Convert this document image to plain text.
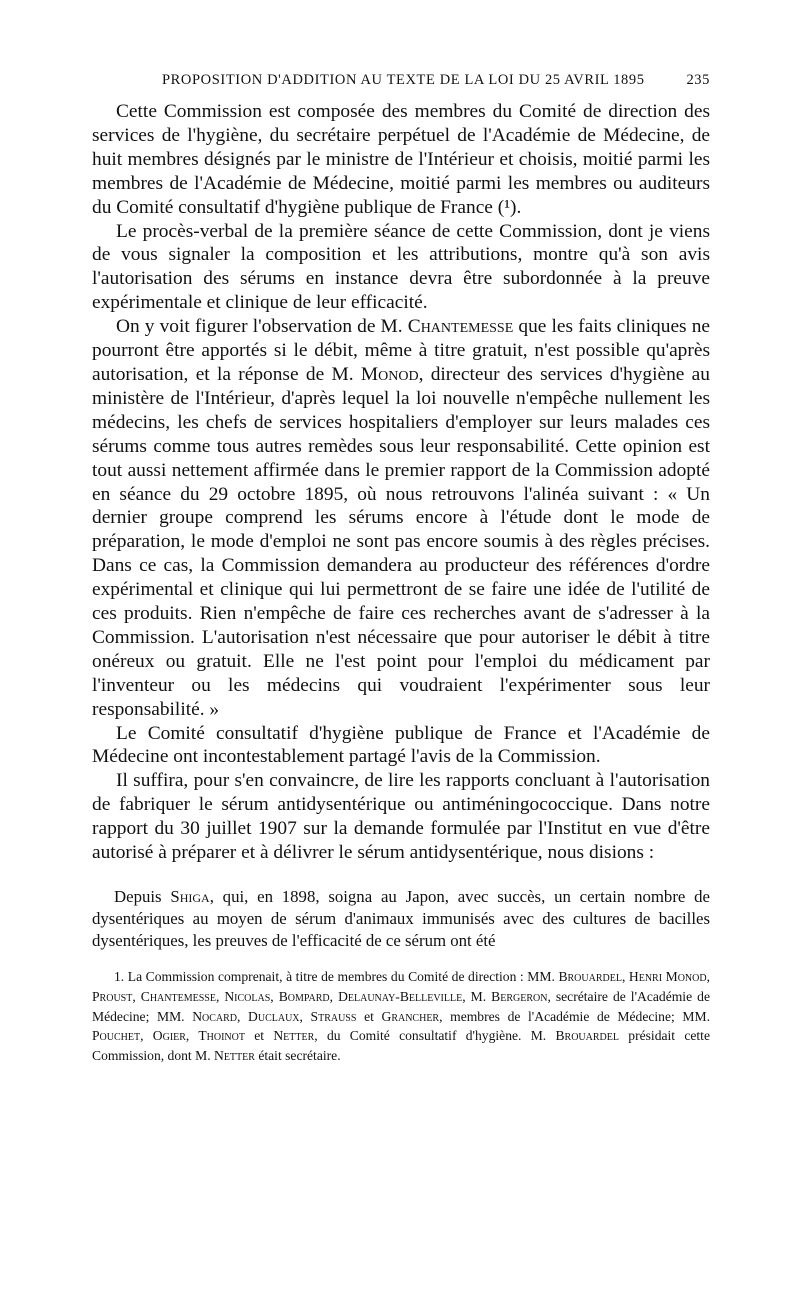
PROPOSITION D'ADDITION AU TEXTE DE LA LOI DU 25 AVRIL 1895	235

Cette Commission est composée des membres du Comité de direction des services de l'hygiène, du secrétaire perpétuel de l'Académie de Médecine, de huit membres désignés par le ministre de l'Intérieur et choisis, moitié parmi les membres de l'Académie de Médecine, moitié parmi les membres ou auditeurs du Comité consultatif d'hygiène publique de France (¹).

Le procès-verbal de la première séance de cette Commission, dont je viens de vous signaler la composition et les attributions, montre qu'à son avis l'autorisation des sérums en instance devra être subordonnée à la preuve expérimentale et clinique de leur efficacité.

On y voit figurer l'observation de M. Chantemesse que les faits cliniques ne pourront être apportés si le débit, même à titre gratuit, n'est possible qu'après autorisation, et la réponse de M. Monod, directeur des services d'hygiène au ministère de l'Intérieur, d'après lequel la loi nouvelle n'empêche nullement les médecins, les chefs de services hospitaliers d'employer sur leurs malades ces sérums comme tous autres remèdes sous leur responsabilité. Cette opinion est tout aussi nettement affirmée dans le premier rapport de la Commission adopté en séance du 29 octobre 1895, où nous retrouvons l'alinéa suivant : « Un dernier groupe comprend les sérums encore à l'étude dont le mode de préparation, le mode d'emploi ne sont pas encore soumis à des règles précises. Dans ce cas, la Commission demandera au producteur des références d'ordre expérimental et clinique qui lui permettront de se faire une idée de l'utilité de ces produits. Rien n'empêche de faire ces recherches avant de s'adresser à la Commission. L'autorisation n'est nécessaire que pour autoriser le débit à titre onéreux ou gratuit. Elle ne l'est point pour l'emploi du médicament par l'inventeur ou les médecins qui voudraient l'expérimenter sous leur responsabilité. »

Le Comité consultatif d'hygiène publique de France et l'Académie de Médecine ont incontestablement partagé l'avis de la Commission.

Il suffira, pour s'en convaincre, de lire les rapports concluant à l'autorisation de fabriquer le sérum antidysentérique ou antiméningococcique. Dans notre rapport du 30 juillet 1907 sur la demande formulée par l'Institut en vue d'être autorisé à préparer et à délivrer le sérum antidysentérique, nous disions :

Depuis Shiga, qui, en 1898, soigna au Japon, avec succès, un certain nombre de dysentériques au moyen de sérum d'animaux immunisés avec des cultures de bacilles dysentériques, les preuves de l'efficacité de ce sérum ont été

1. La Commission comprenait, à titre de membres du Comité de direction : MM. Brouardel, Henri Monod, Proust, Chantemesse, Nicolas, Bompard, Delaunay-Belleville, M. Bergeron, secrétaire de l'Académie de Médecine; MM. Nocard, Duclaux, Strauss et Grancher, membres de l'Académie de Médecine; MM. Pouchet, Ogier, Thoinot et Netter, du Comité consultatif d'hygiène. M. Brouardel présidait cette Commission, dont M. Netter était secrétaire.
